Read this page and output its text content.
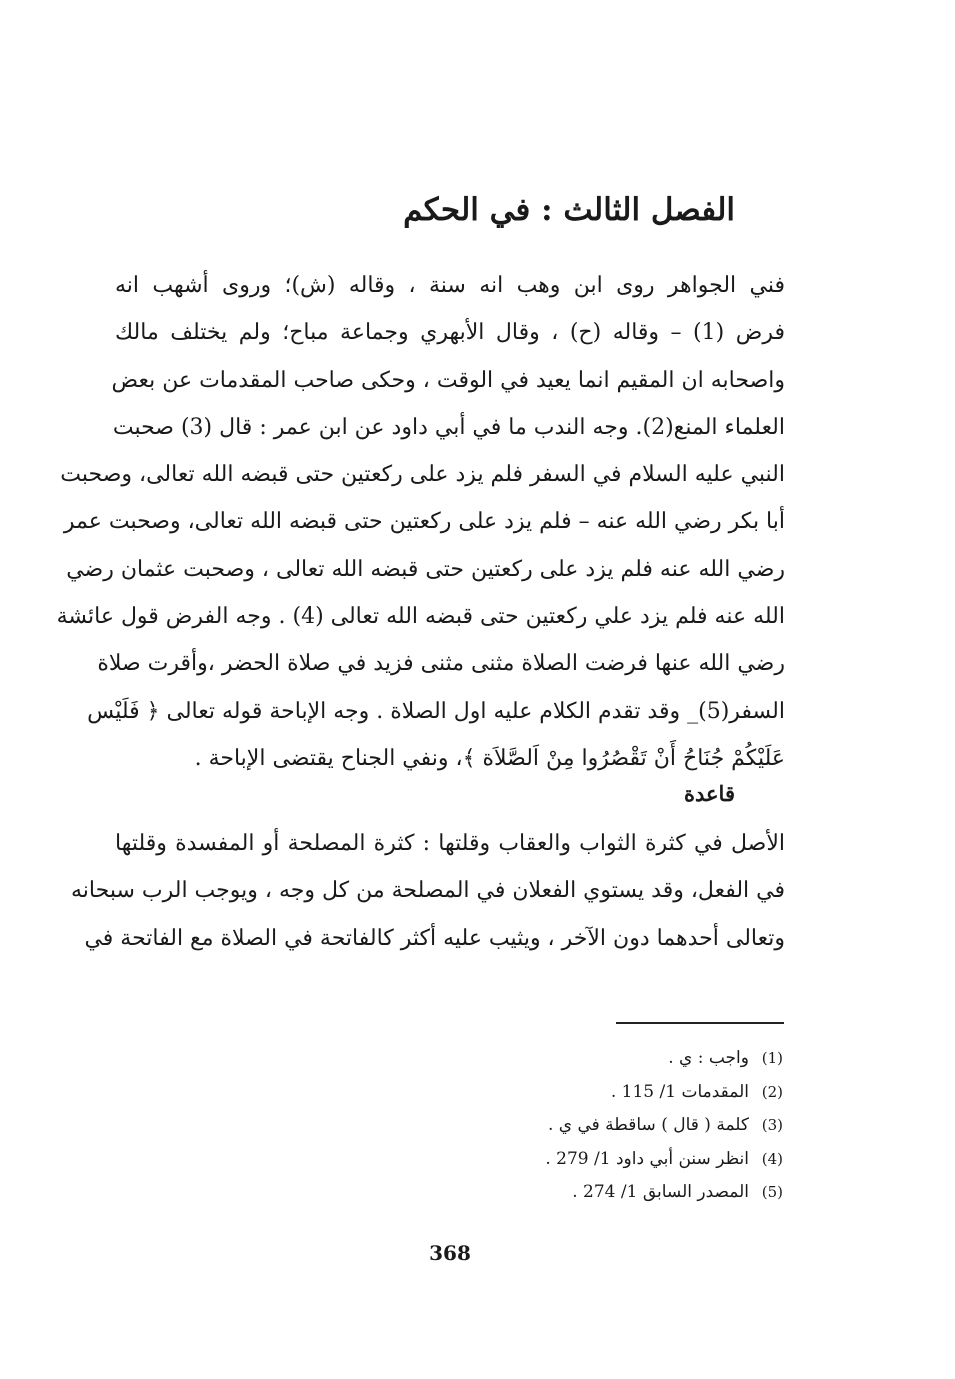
الفصل الثالث : في الحكم
فني الجواهر روى ابن وهب انه سنة ، وقاله (ش)؛ وروى أشهب انه
فرض (1) – وقاله (ح) ، وقال الأبهري وجماعة مباح؛ ولم يختلف مالك
واصحابه ان المقيم انما يعيد في الوقت ، وحكى صاحب المقدمات عن بعض
العلماء المنع(2). وجه الندب ما في أبي داود عن ابن عمر : قال (3) صحبت
النبي عليه السلام في السفر فلم يزد على ركعتين حتى قبضه الله تعالى، وصحبت
أبا بكر رضي الله عنه – فلم يزد على ركعتين حتى قبضه الله تعالى، وصحبت عمر
رضي الله عنه فلم يزد على ركعتين حتى قبضه الله تعالى ، وصحبت عثمان رضي
الله عنه فلم يزد علي ركعتين حتى قبضه الله تعالى (4) . وجه الفرض قول عائشة
رضي الله عنها فرضت الصلاة مثنى مثنى فزيد في صلاة الحضر ،وأقرت صلاة
السفر(5)_ وقد تقدم الكلام عليه اول الصلاة . وجه الإباحة قوله تعالى ﴿ فَلَيْس
عَلَيْكُمْ جُنَاحُ أَنْ تَقْصُرُوا مِنْ اَلصَّلاَة ﴾، ونفي الجناح يقتضى الإباحة .
قاعدة
الأصل في كثرة الثواب والعقاب وقلتها : كثرة المصلحة أو المفسدة وقلتها
في الفعل، وقد يستوي الفعلان في المصلحة من كل وجه ، ويوجب الرب سبحانه
وتعالى أحدهما دون الآخر ، ويثيب عليه أكثر كالفاتحة في الصلاة مع الفاتحة في
(1)واجب : ي .
(2)المقدمات 1/ 115 .
(3)كلمة ( قال ) ساقطة في ي .
(4)انظر سنن أبي داود 1/ 279 .
(5)المصدر السابق 1/ 274 .

368
